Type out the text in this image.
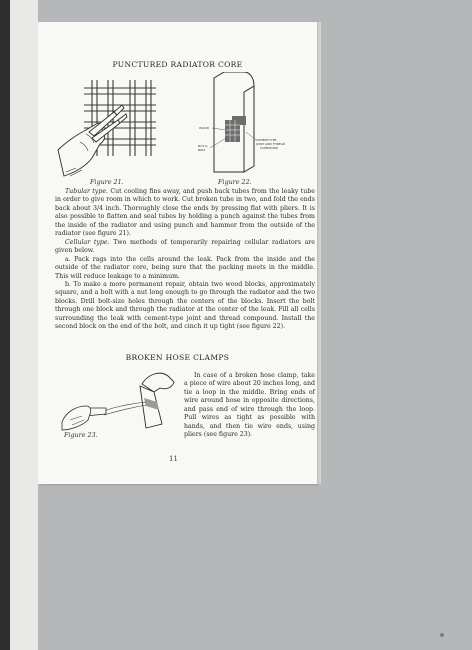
PUNCTURED RADIATOR CORE
Figure 21.
WOOD
NUT &
BOLT
CEMENT-TYPE
JOINT AND THREAD
COMPOUND
Figure 22.

Tubular type. Cut cooling fins away, and push back tubes from the leaky tube in order to give room in which to work. Cut broken tube in two, and fold the ends back about 3/4 inch. Thoroughly close the ends by pressing flat with pliers. It is also possible to flatten and seal tubes by holding a punch against the tubes from the inside of the radiator and using punch and hammer from the outside of the radiator (see figure 21).

Cellular type. Two methods of temporarily repairing cellular radiators are given below.

a. Pack rags into the cells around the leak. Pack from the inside and the outside of the radiator core, being sure that the packing meets in the middle. This will reduce leakage to a minimum.

b. To make a more permanent repair, obtain two wood blocks, approximately square, and a bolt with a nut long enough to go through the radiator and the two blocks. Drill bolt-size holes through the centers of the blocks. Insert the bolt through one block and through the radiator at the center of the leak. Fill all cells surrounding the leak with cement-type joint and thread compound. Install the second block on the end of the bolt, and cinch it up tight (see figure 22).

BROKEN HOSE CLAMPS
Figure 23.

In case of a broken hose clamp, take a piece of wire about 20 inches long, and tie a loop in the middle. Bring ends of wire around hose in opposite directions, and pass end of wire through the loop. Pull wires as tight as possible with hands, and then tie wire ends, using pliers (see figure 23).

11
